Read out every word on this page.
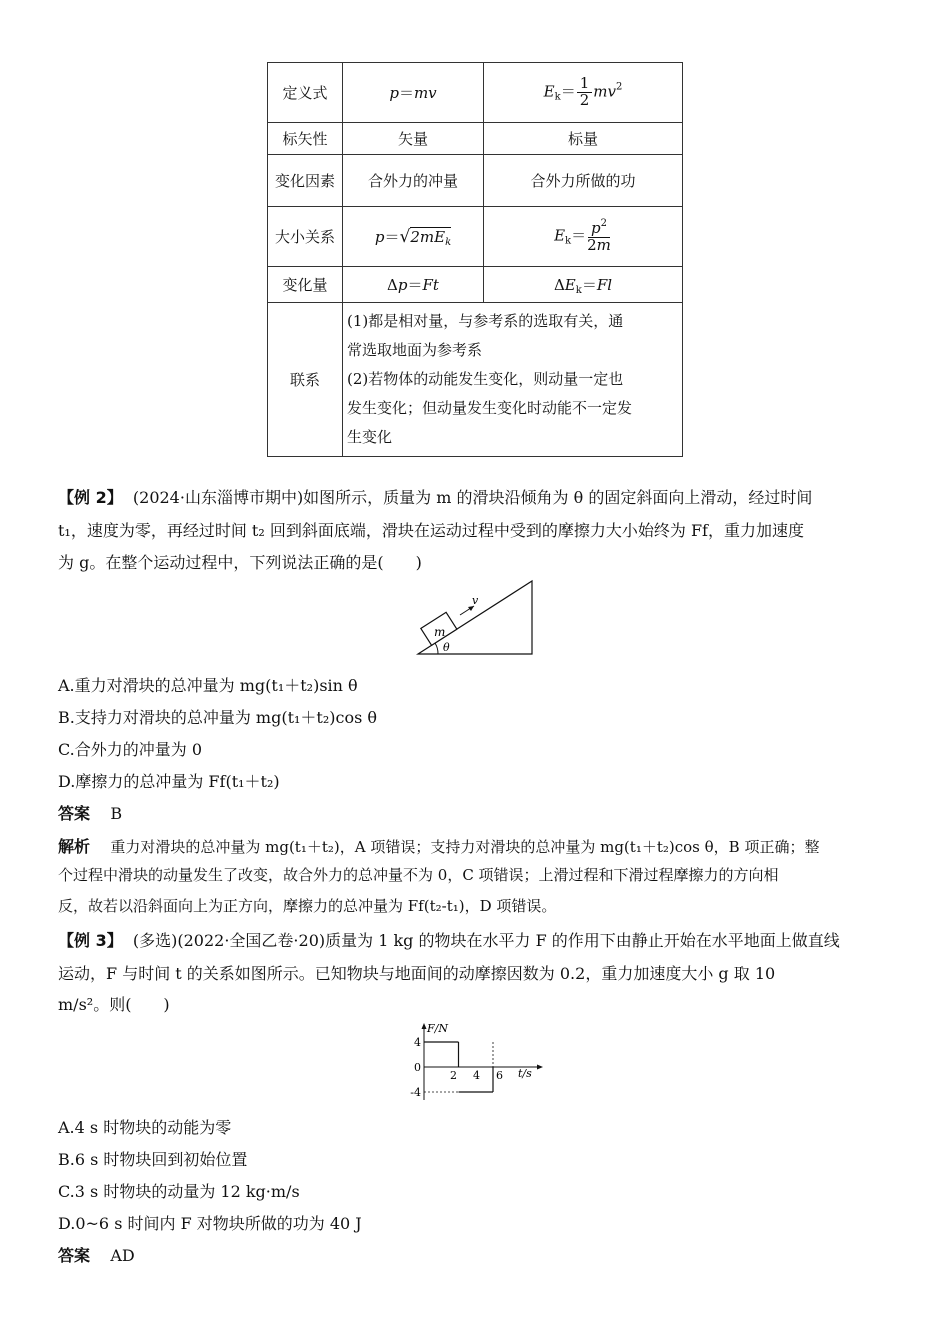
定义式	p＝mv	$E_k= \frac{1}{2} mv^2$
标矢性	矢量	标量
变化因素	合外力的冲量	合外力所做的功
大小关系	$p=√2mE_k$	$E_k= \frac{p^2}{2m}$

变化量	Δp＝Ft	$\Delta E_k=Fl$
联系	(1)都是相对量，与参考系的选取有关，通
常选取地面为参考系
(2)若物体的动能发生变化，则动量一定也
发生变化；但动量发生变化时动能不一定发
生变化	
【例 2】 (2024·山东淄博市期中)如图所示，质量为 m 的滑块沿倾角为 θ 的固定斜面向上滑动，经过时间
t₁，速度为零，再经过时间 t₂ 回到斜面底端，滑块在运动过程中受到的摩擦力大小始终为 Ff，重力加速度
为 g。在整个运动过程中，下列说法正确的是(　　)
m
v
θ
A.重力对滑块的总冲量为 mg(t₁＋t₂)sin θ
B.支持力对滑块的总冲量为 mg(t₁＋t₂)cos θ
C.合外力的冲量为 0
D.摩擦力的总冲量为 Ff(t₁＋t₂)
答案 B
解析 重力对滑块的总冲量为 mg(t₁＋t₂)，A 项错误；支持力对滑块的总冲量为 mg(t₁＋t₂)cos θ，B 项正确；整
个过程中滑块的动量发生了改变，故合外力的总冲量不为 0，C 项错误；上滑过程和下滑过程摩擦力的方向相
反，故若以沿斜面向上为正方向，摩擦力的总冲量为 Ff(t₂-t₁)，D 项错误。
【例 3】 (多选)(2022·全国乙卷·20)质量为 1 kg 的物块在水平力 F 的作用下由静止开始在水平地面上做直线
运动，F 与时间 t 的关系如图所示。已知物块与地面间的动摩擦因数为 0.2，重力加速度大小 g 取 10
m/s²。则(　　)
F/N
t/s
4
0
-4
2 4 6
A.4 s 时物块的动能为零
B.6 s 时物块回到初始位置
C.3 s 时物块的动量为 12 kg·m/s
D.0~6 s 时间内 F 对物块所做的功为 40 J
答案 AD
